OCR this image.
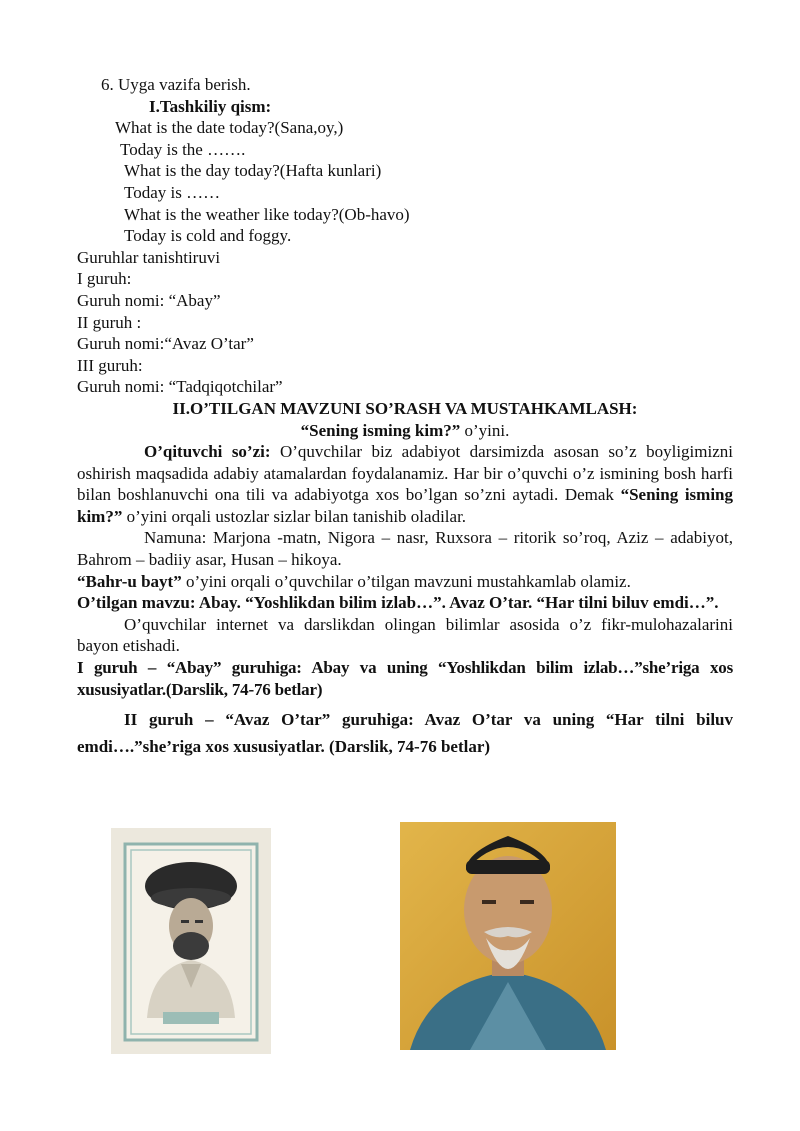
6. Uyga vazifa berish.
I.Tashkiliy qism:
What is the date today?(Sana,oy,)
Today is the …….
What is the day today?(Hafta kunlari)
Today is ……
What is the weather like today?(Ob-havo)
Today is cold and foggy.
Guruhlar tanishtiruvi
I guruh:
Guruh nomi: “Abay”
II guruh :
Guruh nomi:“Avaz O’tar”
III guruh:
Guruh nomi: “Tadqiqotchilar”
II.O’TILGAN MAVZUNI SO’RASH VA MUSTAHKAMLASH:
“Sening isming kim?” o’yini.
O’qituvchi so’zi: O’quvchilar biz adabiyot darsimizda asosan so’z boyligimizni oshirish maqsadida adabiy atamalardan foydalanamiz. Har bir o’quvchi o’z ismining bosh harfi bilan boshlanuvchi ona tili va adabiyotga xos bo’lgan so’zni aytadi. Demak “Sening isming kim?” o’yini orqali ustozlar sizlar bilan tanishib oladilar.
Namuna: Marjona -matn, Nigora – nasr, Ruxsora – ritorik so’roq, Aziz – adabiyot, Bahrom – badiiy asar, Husan – hikoya.
“Bahr-u bayt” o’yini orqali o’quvchilar o’tilgan mavzuni mustahkamlab olamiz.
O’tilgan mavzu: Abay. “Yoshlikdan bilim izlab…”. Avaz O’tar. “Har tilni biluv emdi…”.
O’quvchilar internet va darslikdan olingan bilimlar asosida o’z fikr-mulohazalarini bayon etishadi.
I guruh – “Abay” guruhiga: Abay va uning “Yoshlikdan bilim izlab…”she’riga xos xususiyatlar.(Darslik, 74-76 betlar)
II guruh – “Avaz O’tar” guruhiga: Avaz O’tar va uning “Har tilni biluv emdi….”she’riga xos xususiyatlar. (Darslik, 74-76 betlar)
